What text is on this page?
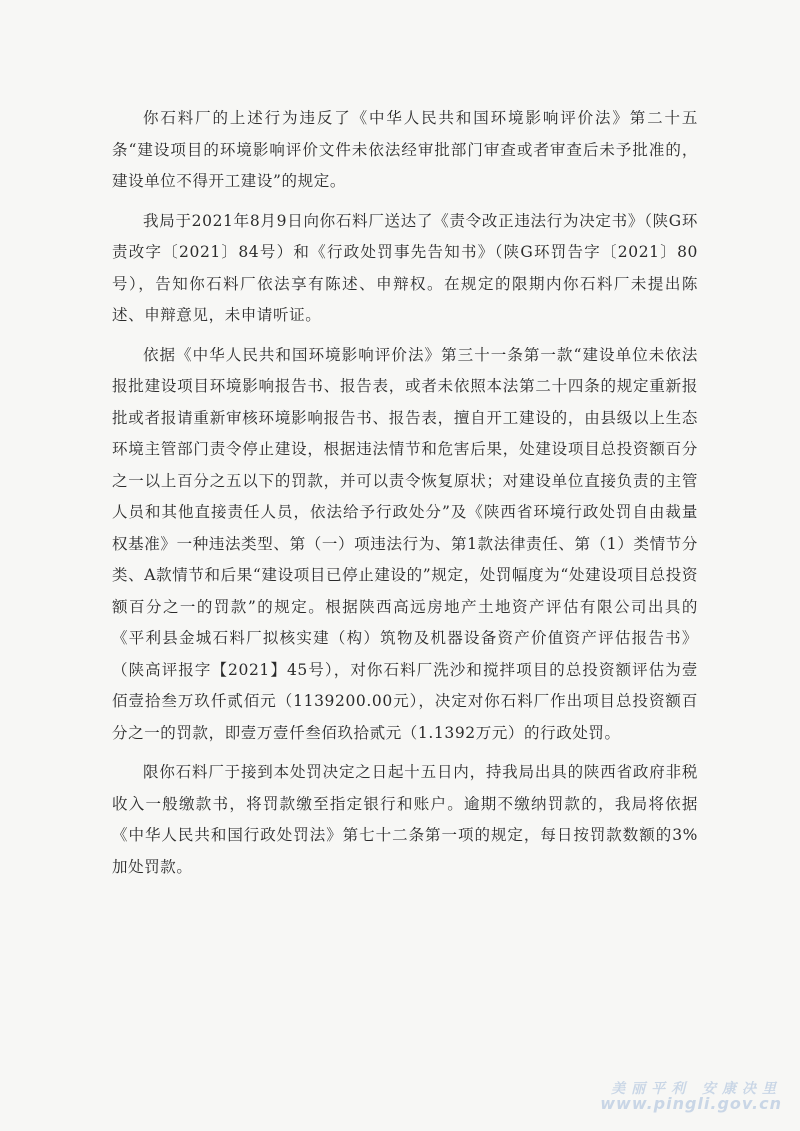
你石料厂的上述行为违反了《中华人民共和国环境影响评价法》第二十五条“建设项目的环境影响评价文件未依法经审批部门审查或者审查后未予批准的，建设单位不得开工建设”的规定。

我局于2021年8月9日向你石料厂送达了《责令改正违法行为决定书》（陕G环责改字〔2021〕84号）和《行政处罚事先告知书》（陕G环罚告字〔2021〕80号），告知你石料厂依法享有陈述、申辩权。在规定的限期内你石料厂未提出陈述、申辩意见，未申请听证。

依据《中华人民共和国环境影响评价法》第三十一条第一款“建设单位未依法报批建设项目环境影响报告书、报告表，或者未依照本法第二十四条的规定重新报批或者报请重新审核环境影响报告书、报告表，擅自开工建设的，由县级以上生态环境主管部门责令停止建设，根据违法情节和危害后果，处建设项目总投资额百分之一以上百分之五以下的罚款，并可以责令恢复原状；对建设单位直接负责的主管人员和其他直接责任人员，依法给予行政处分”及《陕西省环境行政处罚自由裁量权基准》一种违法类型、第（一）项违法行为、第1款法律责任、第（1）类情节分类、A款情节和后果“建设项目已停止建设的”规定，处罚幅度为“处建设项目总投资额百分之一的罚款”的规定。根据陕西高远房地产土地资产评估有限公司出具的《平利县金城石料厂拟核实建（构）筑物及机器设备资产价值资产评估报告书》（陕高评报字【2021】45号），对你石料厂洗沙和搅拌项目的总投资额评估为壹佰壹拾叁万玖仟贰佰元（1139200.00元），决定对你石料厂作出项目总投资额百分之一的罚款，即壹万壹仟叁佰玖拾贰元（1.1392万元）的行政处罚。

限你石料厂于接到本处罚决定之日起十五日内，持我局出具的陕西省政府非税收入一般缴款书，将罚款缴至指定银行和账户。逾期不缴纳罚款的，我局将依据《中华人民共和国行政处罚法》第七十二条第一项的规定，每日按罚款数额的3%加处罚款。

美丽平利 安康决里
www.pingli.gov.cn
